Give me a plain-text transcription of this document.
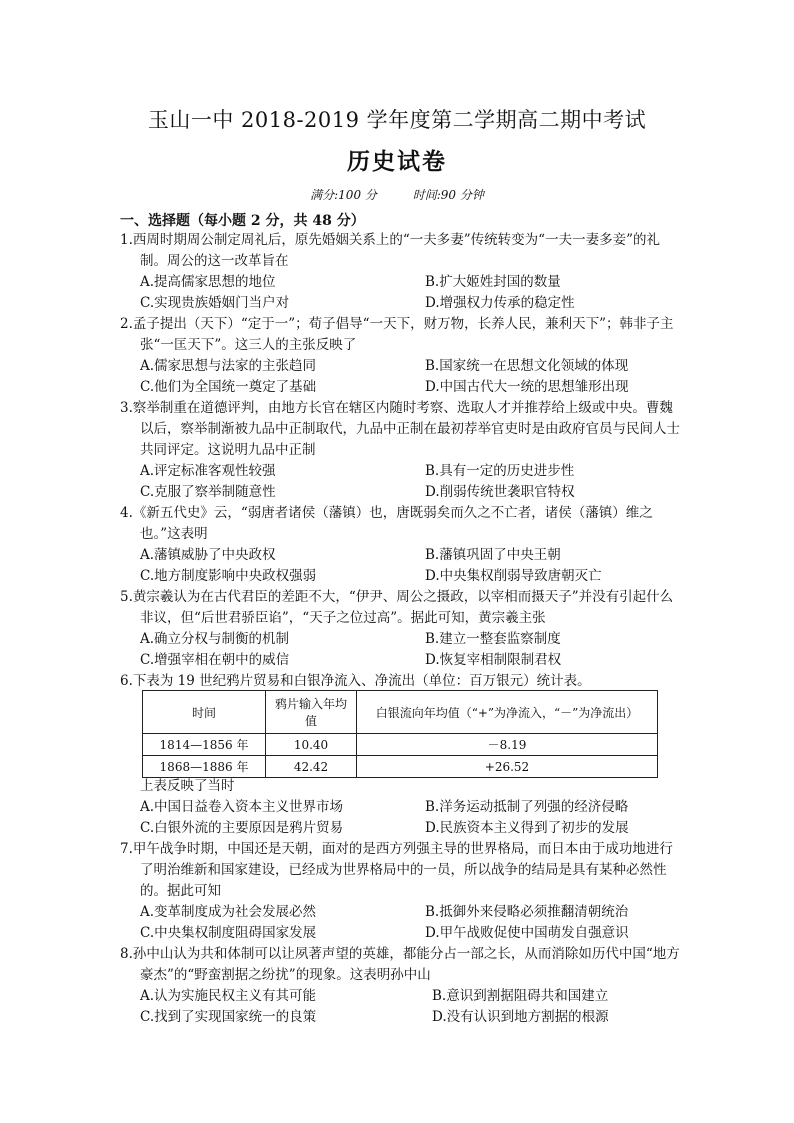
玉山一中 2018-2019 学年度第二学期高二期中考试
历史试卷
满分:100 分	时间:90 分钟
一、选择题（每小题 2 分，共 48 分）
1.西周时期周公制定周礼后，原先婚姻关系上的“一夫多妻”传统转变为“一夫一妻多妾”的礼制。周公的这一改革旨在
A.提高儒家思想的地位	B.扩大姬姓封国的数量
C.实现贵族婚姻门当户对	D.增强权力传承的稳定性
2.孟子提出（天下）“定于一”；荀子倡导“一天下，财万物，长养人民，兼利天下”；韩非子主张“一匡天下”。这三人的主张反映了
A.儒家思想与法家的主张趋同	B.国家统一在思想文化领域的体现
C.他们为全国统一奠定了基础	D.中国古代大一统的思想雏形出现
3.察举制重在道德评判，由地方长官在辖区内随时考察、选取人才并推荐给上级或中央。曹魏以后，察举制渐被九品中正制取代，九品中正制在最初荐举官吏时是由政府官员与民间人士共同评定。这说明九品中正制
A.评定标准客观性较强	B.具有一定的历史进步性
C.克服了察举制随意性	D.削弱传统世袭职官特权
4.《新五代史》云，“弱唐者诸侯（藩镇）也，唐既弱矣而久之不亡者，诸侯（藩镇）维之也。”这表明
A.藩镇威胁了中央政权	B.藩镇巩固了中央王朝
C.地方制度影响中央政权强弱	D.中央集权削弱导致唐朝灭亡
5.黄宗羲认为在古代君臣的差距不大，“伊尹、周公之摄政，以宰相而摄天子”并没有引起什么非议，但“后世君骄臣谄”，“天子之位过高”。据此可知，黄宗羲主张
A.确立分权与制衡的机制	B.建立一整套监察制度
C.增强宰相在朝中的威信	D.恢复宰相制限制君权
6.下表为 19 世纪鸦片贸易和白银净流入、净流出（单位：百万银元）统计表。
时间	鸦片输入年均值	白银流向年均值（“+”为净流入，“－”为净流出）
1814—1856 年	10.40	－8.19
1868—1886 年	42.42	+26.52
上表反映了当时
A.中国日益卷入资本主义世界市场	B.洋务运动抵制了列强的经济侵略
C.白银外流的主要原因是鸦片贸易	D.民族资本主义得到了初步的发展
7.甲午战争时期，中国还是天朝，面对的是西方列强主导的世界格局，而日本由于成功地进行了明治维新和国家建设，已经成为世界格局中的一员，所以战争的结局是具有某种必然性的。据此可知
A.变革制度成为社会发展必然	B.抵御外来侵略必须推翻清朝统治
C.中央集权制度阻碍国家发展	D.甲午战败促使中国萌发自强意识
8.孙中山认为共和体制可以让夙著声望的英雄，都能分占一部之长，从而消除如历代中国“地方豪杰”的“野蛮割据之纷扰”的现象。这表明孙中山
A.认为实施民权主义有其可能	B.意识到割据阻碍共和国建立
C.找到了实现国家统一的良策	D.没有认识到地方割据的根源
